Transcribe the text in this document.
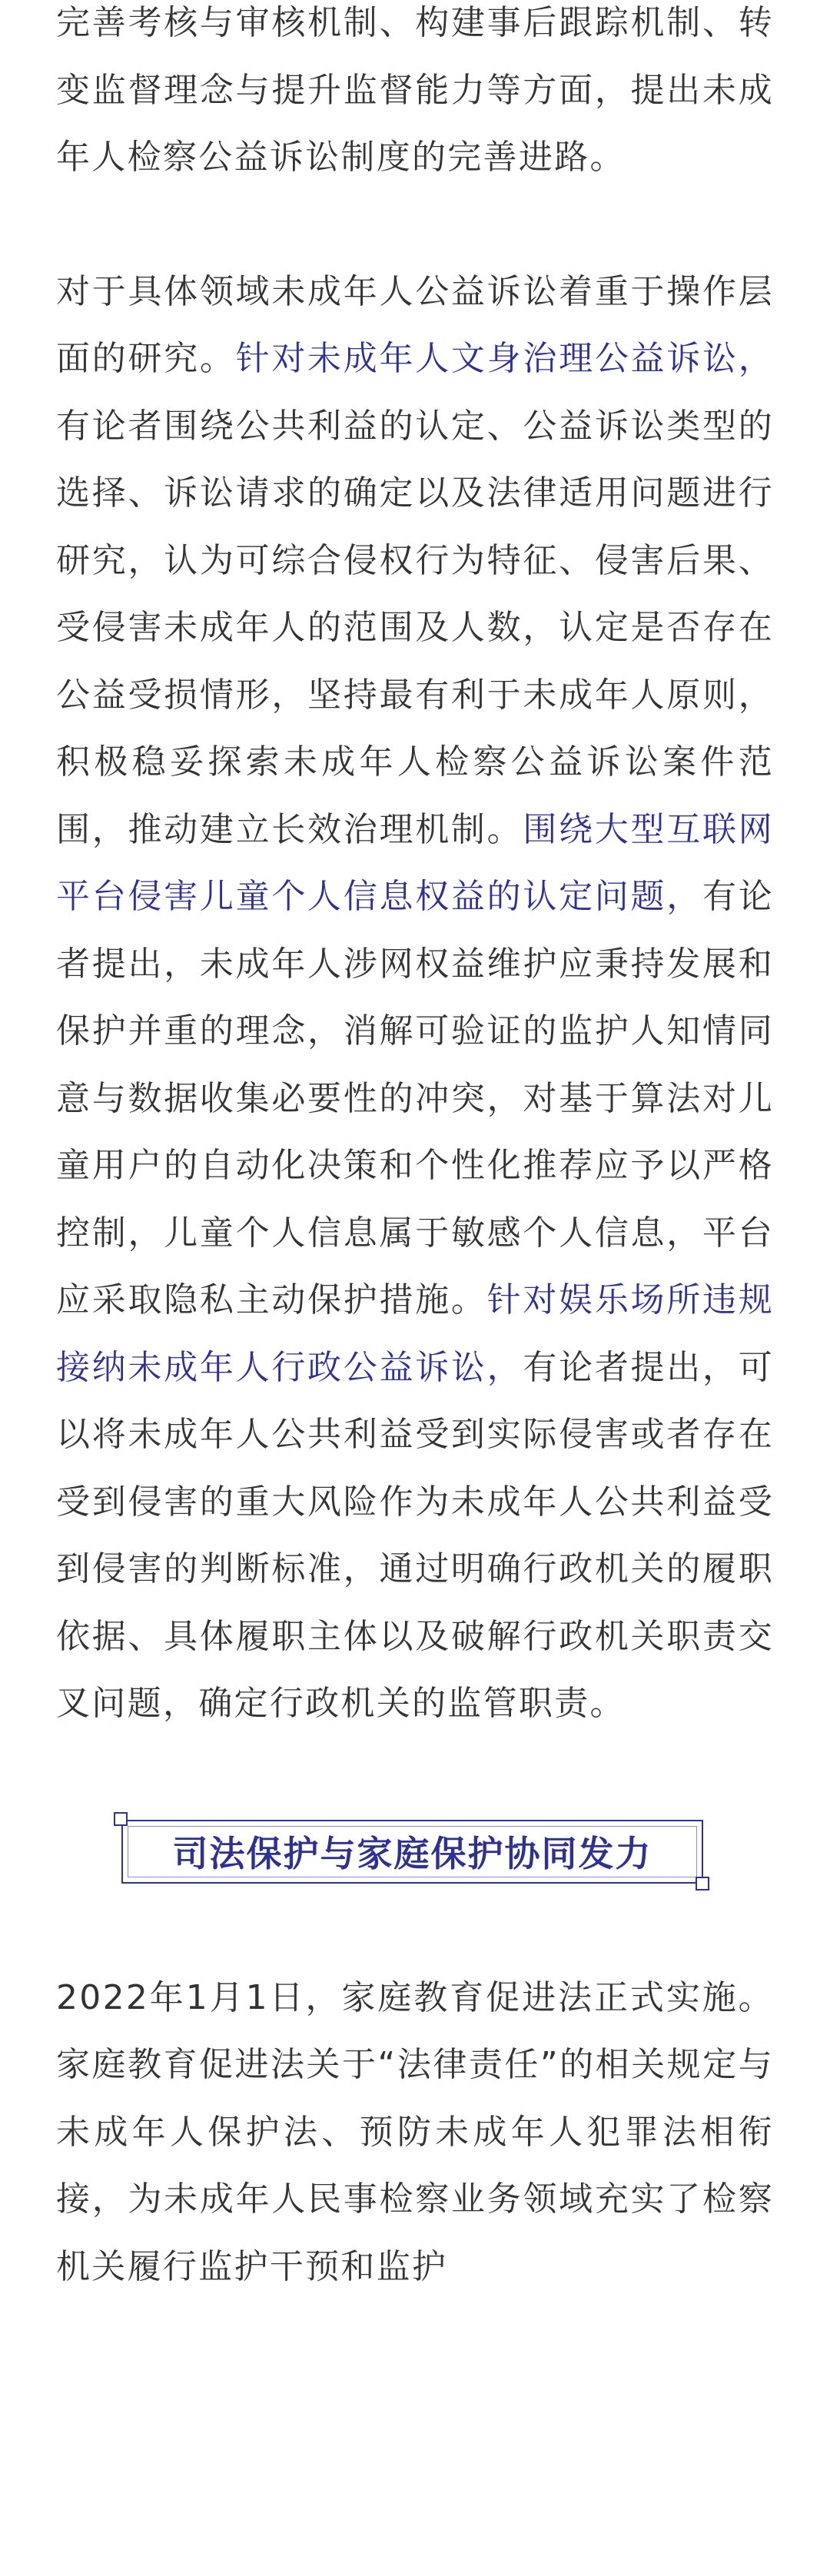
完善考核与审核机制、构建事后跟踪机制、转变监督理念与提升监督能力等方面，提出未成年人检察公益诉讼制度的完善进路。

对于具体领域未成年人公益诉讼着重于操作层面的研究。针对未成年人文身治理公益诉讼，有论者围绕公共利益的认定、公益诉讼类型的选择、诉讼请求的确定以及法律适用问题进行研究，认为可综合侵权行为特征、侵害后果、受侵害未成年人的范围及人数，认定是否存在公益受损情形，坚持最有利于未成年人原则，积极稳妥探索未成年人检察公益诉讼案件范围，推动建立长效治理机制。围绕大型互联网平台侵害儿童个人信息权益的认定问题，有论者提出，未成年人涉网权益维护应秉持发展和保护并重的理念，消解可验证的监护人知情同意与数据收集必要性的冲突，对基于算法对儿童用户的自动化决策和个性化推荐应予以严格控制，儿童个人信息属于敏感个人信息，平台应采取隐私主动保护措施。针对娱乐场所违规接纳未成年人行政公益诉讼，有论者提出，可以将未成年人公共利益受到实际侵害或者存在受到侵害的重大风险作为未成年人公共利益受到侵害的判断标准，通过明确行政机关的履职依据、具体履职主体以及破解行政机关职责交叉问题，确定行政机关的监管职责。

司法保护与家庭保护协同发力

2022年1月1日，家庭教育促进法正式实施。家庭教育促进法关于“法律责任”的相关规定与未成年人保护法、预防未成年人犯罪法相衔接，为未成年人民事检察业务领域充实了检察机关履行监护干预和监护
